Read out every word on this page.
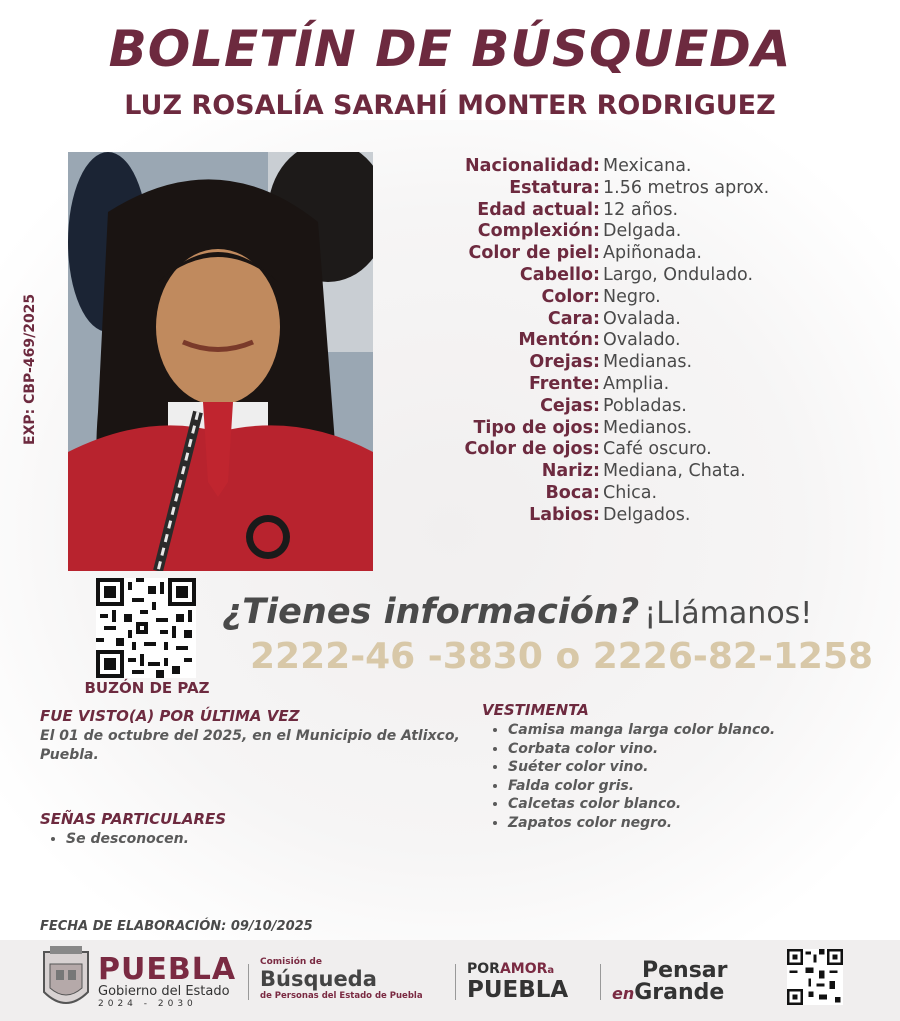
BOLETÍN DE BÚSQUEDA
LUZ ROSALÍA SARAHÍ MONTER RODRIGUEZ
EXP: CBP-469/2025
Nacionalidad: Mexicana.
Estatura: 1.56 metros aprox.
Edad actual: 12 años.
Complexión: Delgada.
Color de piel: Apiñonada.
Cabello: Largo, Ondulado.
Color: Negro.
Cara: Ovalada.
Mentón: Ovalado.
Orejas: Medianas.
Frente: Amplia.
Cejas: Pobladas.
Tipo de ojos: Medianos.
Color de ojos: Café oscuro.
Nariz: Mediana, Chata.
Boca: Chica.
Labios: Delgados.
BUZÓN DE PAZ
¿Tienes información? ¡Llámanos!
2222-46 -3830 o 2226-82-1258
FUE VISTO(A) POR ÚLTIMA VEZ
El 01 de octubre del 2025, en el Municipio de Atlixco, Puebla.
SEÑAS PARTICULARES
• Se desconocen.
VESTIMENTA
• Camisa manga larga color blanco.
• Corbata color vino.
• Suéter color vino.
• Falda color gris.
• Calcetas color blanco.
• Zapatos color negro.
FECHA DE ELABORACIÓN: 09/10/2025
PUEBLA
Gobierno del Estado
2024 - 2030
Comisión de
Búsqueda
de Personas del Estado de Puebla
PORAMORa
PUEBLA
Pensar
enGrande
